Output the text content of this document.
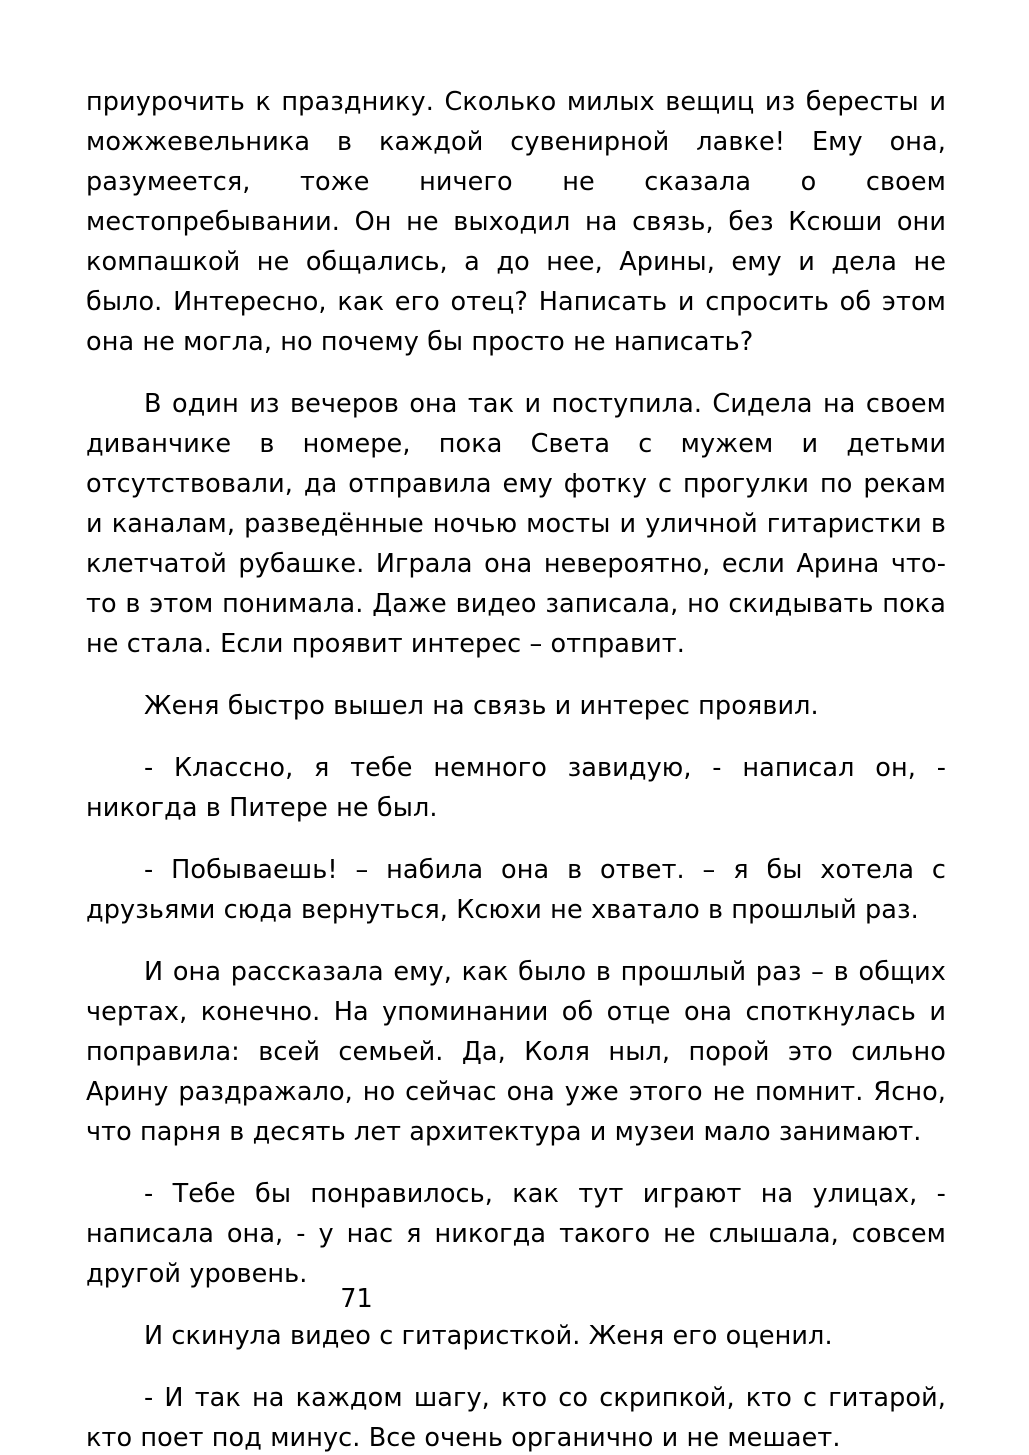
приурочить к празднику. Сколько милых вещиц из бересты и можжевельника в каждой сувенирной лавке! Ему она, разумеется, тоже ничего не сказала о своем местопребывании. Он не выходил на связь, без Ксюши они компашкой не общались, а до нее, Арины, ему и дела не было. Интересно, как его отец? Написать и спросить об этом она не могла, но почему бы просто не написать?

В один из вечеров она так и поступила. Сидела на своем диванчике в номере, пока Света с мужем и детьми отсутствовали, да отправила ему фотку с прогулки по рекам и каналам, разведённые ночью мосты и уличной гитаристки в клетчатой рубашке. Играла она невероятно, если Арина что-то в этом понимала. Даже видео записала, но скидывать пока не стала. Если проявит интерес – отправит.

Женя быстро вышел на связь и интерес проявил.

- Классно, я тебе немного завидую, - написал он, - никогда в Питере не был.

- Побываешь! – набила она в ответ. – я бы хотела с друзьями сюда вернуться, Ксюхи не хватало в прошлый раз.

И она рассказала ему, как было в прошлый раз – в общих чертах, конечно. На упоминании об отце она споткнулась и поправила: всей семьей. Да, Коля ныл, порой это сильно Арину раздражало, но сейчас она уже этого не помнит. Ясно, что парня в десять лет архитектура и музеи мало занимают.

- Тебе бы понравилось, как тут играют на улицах, - написала она, - у нас я никогда такого не слышала, совсем другой уровень.

И скинула видео с гитаристкой. Женя его оценил.

- И так на каждом шагу, кто со скрипкой, кто с гитарой, кто поет под минус. Все очень органично и не мешает.

71
